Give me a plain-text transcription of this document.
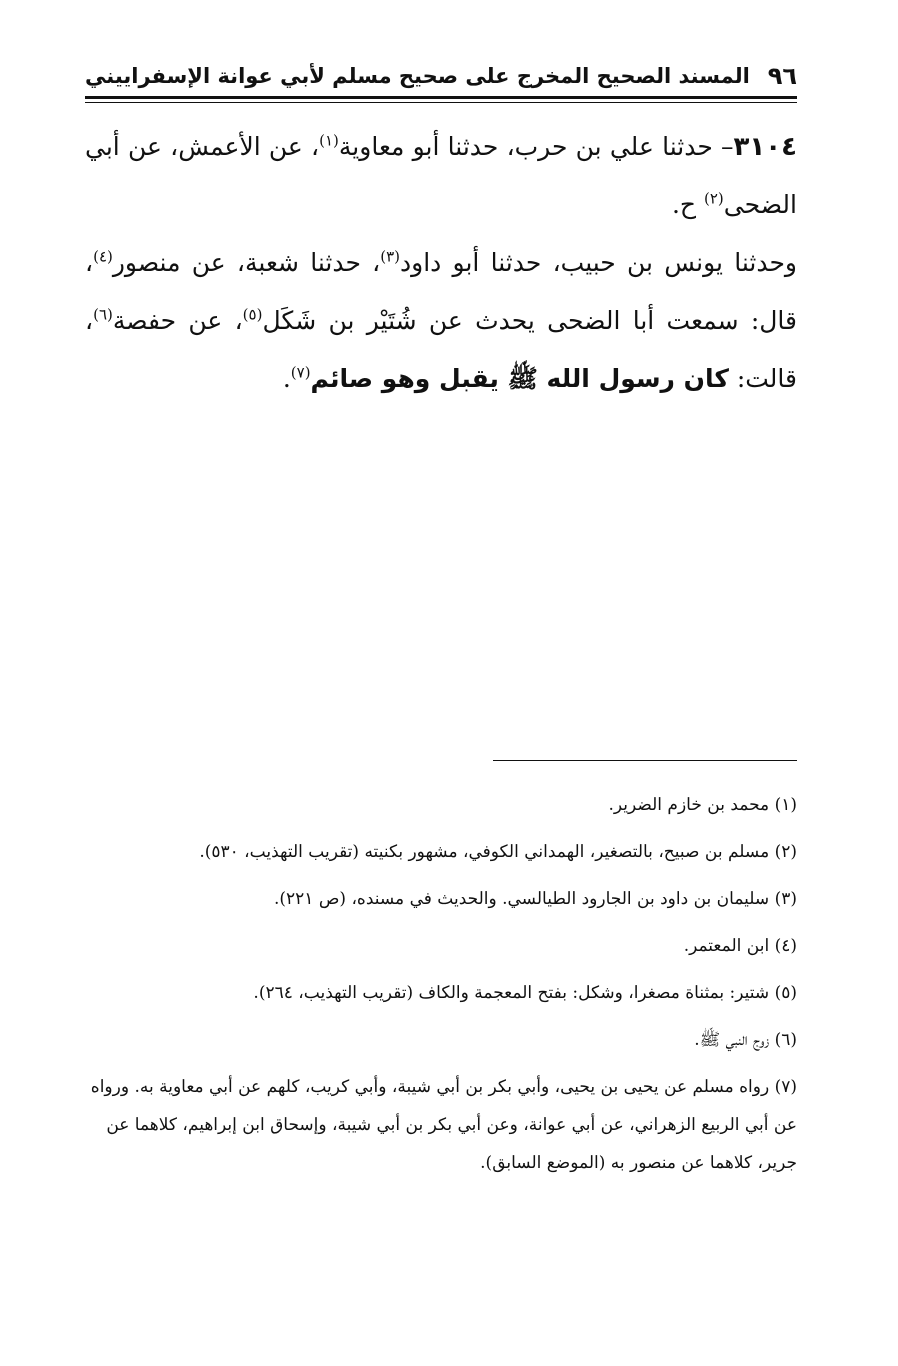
٩٦
المسند الصحيح المخرج على صحيح مسلم لأبي عوانة الإسفراييني

٣١٠٤– حدثنا علي بن حرب، حدثنا أبو معاوية$^{(١)}$، عن الأعمش، عن أبي الضحى$^{(٢)}$ ح.

وحدثنا يونس بن حبيب، حدثنا أبو داود$^{(٣)}$، حدثنا شعبة، عن منصور$^{(٤)}$، قال: سمعت أبا الضحى يحدث عن شُتَيْر بن شَكَل$^{(٥)}$، عن حفصة$^{(٦)}$، قالت: كان رسول الله ﷺ يقبل وهو صائم$^{(٧)}$.

(١) محمد بن خازم الضرير.

(٢) مسلم بن صبيح، بالتصغير، الهمداني الكوفي، مشهور بكنيته (تقريب التهذيب، ٥٣٠).

(٣) سليمان بن داود بن الجارود الطيالسي. والحديث في مسنده، (ص ٢٢١).

(٤) ابن المعتمر.

(٥) شتير: بمثناة مصغرا، وشكل: بفتح المعجمة والكاف (تقريب التهذيب، ٢٦٤).

(٦) زوج النبي ﷺ.

(٧) رواه مسلم عن يحيى بن يحيى، وأبي بكر بن أبي شيبة، وأبي كريب، كلهم عن أبي معاوية به. ورواه عن أبي الربيع الزهراني، عن أبي عوانة، وعن أبي بكر بن أبي شيبة، وإسحاق ابن إبراهيم، كلاهما عن جرير، كلاهما عن منصور به (الموضع السابق).
